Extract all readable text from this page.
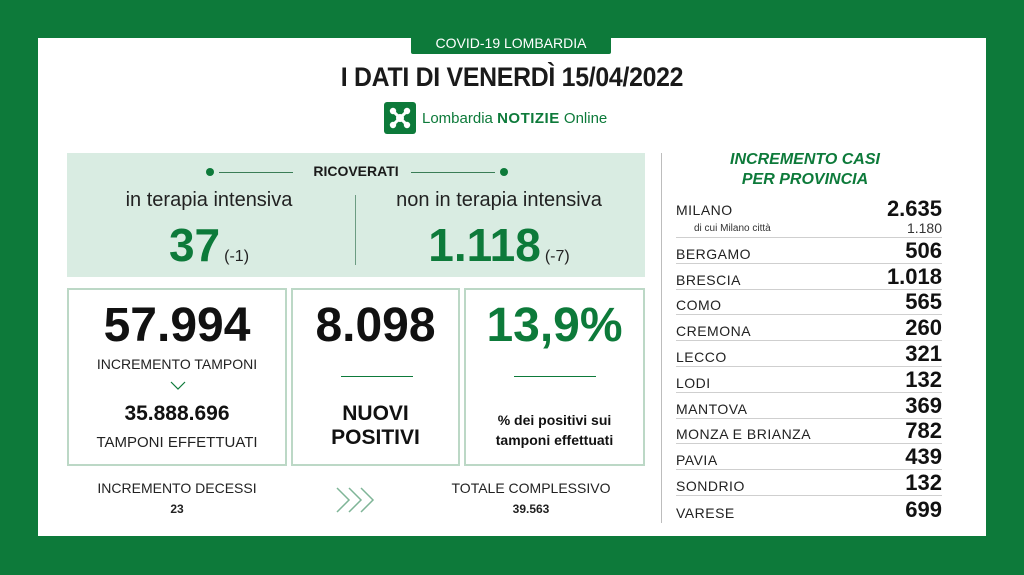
COVID-19 LOMBARDIA
I DATI DI VENERDÌ 15/04/2022
Lombardia NOTIZIE Online
RICOVERATI
in terapia intensiva
37 (-1)
non in terapia intensiva
1.118 (-7)
57.994
INCREMENTO TAMPONI
35.888.696
TAMPONI EFFETTUATI
8.098
NUOVI
POSITIVI
13,9%
% dei positivi sui
tamponi effettuati
INCREMENTO DECESSI
23
TOTALE COMPLESSIVO
39.563
INCREMENTO CASI
PER PROVINCIA
MILANO	2.635
di cui Milano città	1.180
BERGAMO	506
BRESCIA	1.018
COMO	565
CREMONA	260
LECCO	321
LODI	132
MANTOVA	369
MONZA E BRIANZA	782
PAVIA	439
SONDRIO	132
VARESE	699
